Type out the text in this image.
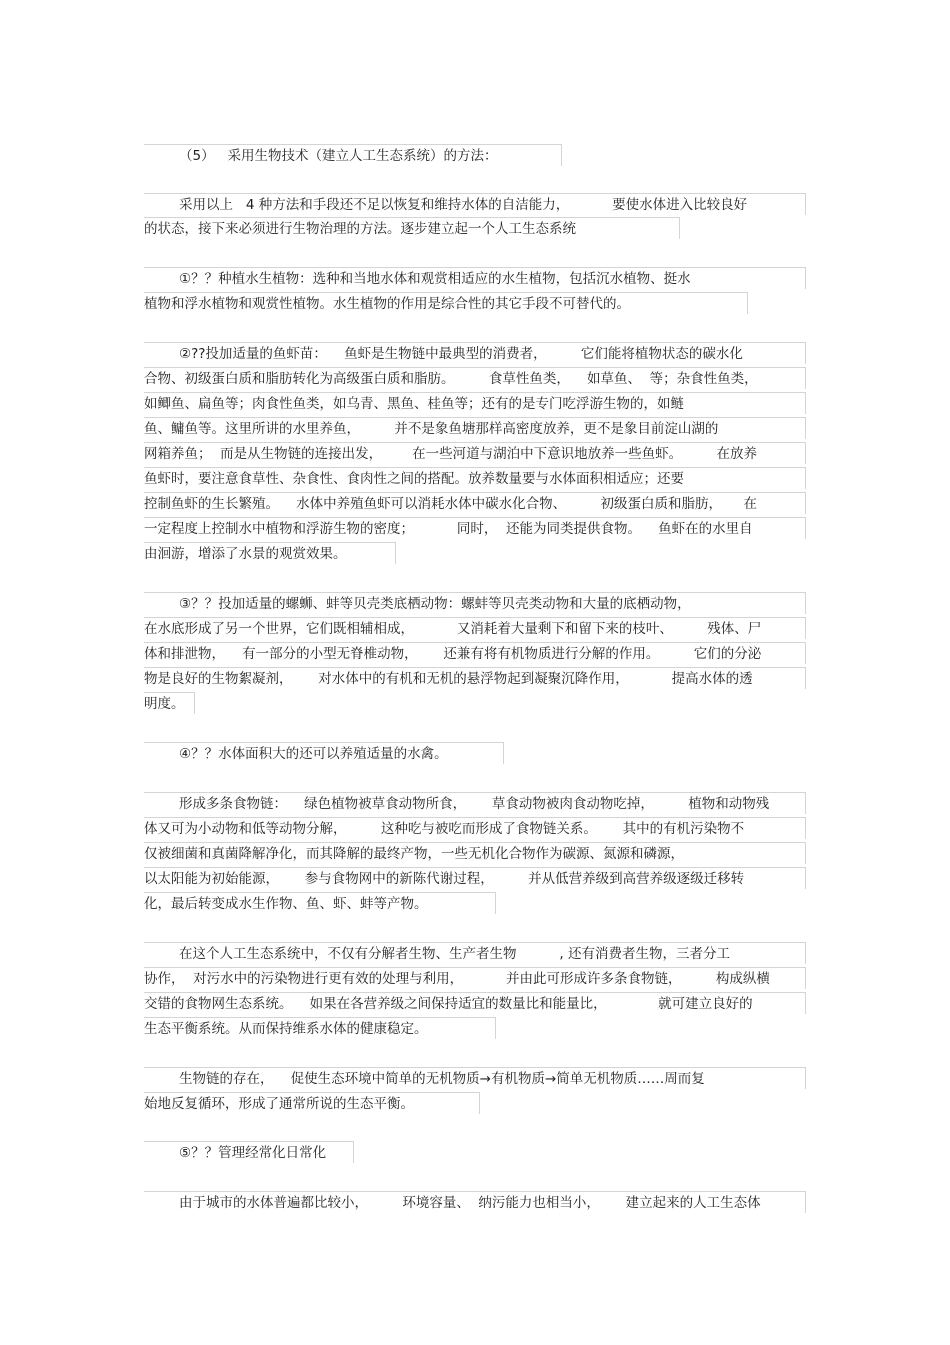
（5）   采用生物技术（建立人工生态系统）的方法：
采用以上   4 种方法和手段还不足以恢复和维持水体的自洁能力，          要使水体进入比较良好
的状态，接下来必须进行生物治理的方法。逐步建立起一个人工生态系统
①？？种植水生植物：选种和当地水体和观赏相适应的水生植物，包括沉水植物、挺水
植物和浮水植物和观赏性植物。水生植物的作用是综合性的其它手段不可替代的。
②??投加适量的鱼虾苗：    鱼虾是生物链中最典型的消费者，        它们能将植物状态的碳水化
合物、初级蛋白质和脂肪转化为高级蛋白质和脂肪。        食草性鱼类，    如草鱼、  等；杂食性鱼类，
如鲫鱼、扁鱼等；肉食性鱼类，如乌青、黑鱼、桂鱼等；还有的是专门吃浮游生物的，如鲢
鱼、鳙鱼等。这里所讲的水里养鱼，        并不是象鱼塘那样高密度放养，更不是象目前淀山湖的
网箱养鱼；  而是从生物链的连接出发，       在一些河道与湖泊中下意识地放养一些鱼虾。        在放养
鱼虾时，要注意食草性、杂食性、食肉性之间的搭配。放养数量要与水体面积相适应；还要
控制鱼虾的生长繁殖。    水体中养殖鱼虾可以消耗水体中碳水化合物、        初级蛋白质和脂肪，     在
一定程度上控制水中植物和浮游生物的密度；          同时，  还能为同类提供食物。    鱼虾在的水里自
由洄游，增添了水景的观赏效果。
③？？投加适量的螺蛳、蚌等贝壳类底栖动物：螺蚌等贝壳类动物和大量的底栖动物，
在水底形成了另一个世界，它们既相辅相成，          又消耗着大量剩下和留下来的枝叶、        残体、尸
体和排泄物，    有一部分的小型无脊椎动物，      还兼有将有机物质进行分解的作用。        它们的分泌
物是良好的生物絮凝剂，      对水体中的有机和无机的悬浮物起到凝聚沉降作用，          提高水体的透
明度。
④？？水体面积大的还可以养殖适量的水禽。
形成多条食物链：    绿色植物被草食动物所食，      草食动物被肉食动物吃掉，        植物和动物残
体又可为小动物和低等动物分解，        这种吃与被吃而形成了食物链关系。      其中的有机污染物不
仅被细菌和真菌降解净化，而其降解的最终产物，一些无机化合物作为碳源、氮源和磷源，
以太阳能为初始能源，      参与食物网中的新陈代谢过程，        并从低营养级到高营养级逐级迁移转
化，最后转变成水生作物、鱼、虾、蚌等产物。
在这个人工生态系统中，不仅有分解者生物、生产者生物          , 还有消费者生物，三者分工
协作，  对污水中的污染物进行更有效的处理与利用，          并由此可形成许多条食物链，        构成纵横
交错的食物网生态系统。    如果在各营养级之间保持适宜的数量比和能量比，            就可建立良好的
生态平衡系统。从而保持维系水体的健康稳定。
生物链的存在，    促使生态环境中简单的无机物质→有机物质→简单无机物质……周而复
始地反复循环，形成了通常所说的生态平衡。
⑤？？管理经常化日常化
由于城市的水体普遍都比较小，        环境容量、  纳污能力也相当小，      建立起来的人工生态体
